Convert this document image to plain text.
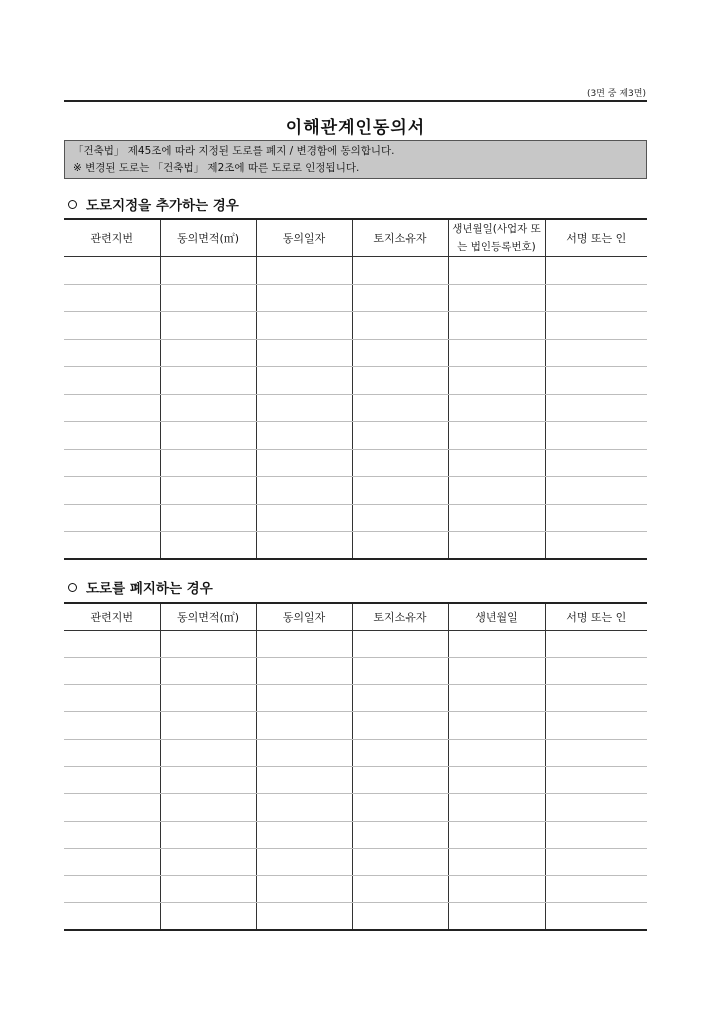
(3면 중 제3면)
이해관계인동의서
「건축법」 제45조에 따라 지정된 도로를 폐지 / 변경함에 동의합니다.
※ 변경된 도로는 「건축법」 제2조에 따른 도로로 인정됩니다.
도로지정을 추가하는 경우
관련지번	동의면적(㎡)	동의일자	토지소유자	생년월일(사업자 또는 법인등록번호)	서명 또는 인

도로를 폐지하는 경우
관련지번	동의면적(㎡)	동의일자	토지소유자	생년월일	서명 또는 인
